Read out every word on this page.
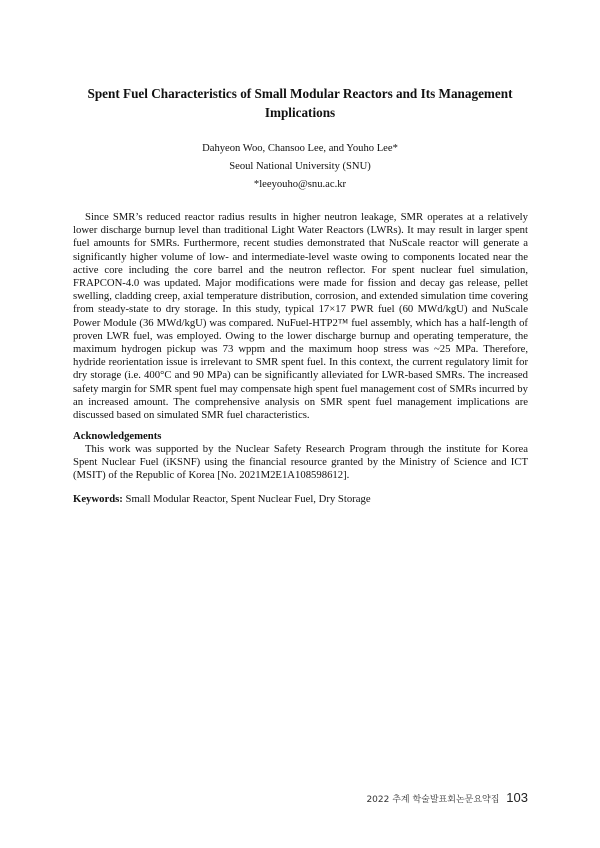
Spent Fuel Characteristics of Small Modular Reactors and Its Management Implications
Dahyeon Woo, Chansoo Lee, and Youho Lee*
Seoul National University (SNU)
*leeyouho@snu.ac.kr

Since SMR’s reduced reactor radius results in higher neutron leakage, SMR operates at a relatively lower discharge burnup level than traditional Light Water Reactors (LWRs). It may result in larger spent fuel amounts for SMRs. Furthermore, recent studies demonstrated that NuScale reactor will generate a significantly higher volume of low- and intermediate-level waste owing to components located near the active core including the core barrel and the neutron reflector. For spent nuclear fuel simulation, FRAPCON-4.0 was updated. Major modifications were made for fission and decay gas release, pellet swelling, cladding creep, axial temperature distribution, corrosion, and extended simulation time covering from steady-state to dry storage. In this study, typical 17×17 PWR fuel (60 MWd/kgU) and NuScale Power Module (36 MWd/kgU) was compared. NuFuel-HTP2™ fuel assembly, which has a half-length of proven LWR fuel, was employed. Owing to the lower discharge burnup and operating temperature, the maximum hydrogen pickup was 73 wppm and the maximum hoop stress was ~25 MPa. Therefore, hydride reorientation issue is irrelevant to SMR spent fuel. In this context, the current regulatory limit for dry storage (i.e. 400°C and 90 MPa) can be significantly alleviated for LWR-based SMRs. The increased safety margin for SMR spent fuel may compensate high spent fuel management cost of SMRs incurred by an increased amount. The comprehensive analysis on SMR spent fuel management implications are discussed based on simulated SMR fuel characteristics.

Acknowledgements

This work was supported by the Nuclear Safety Research Program through the institute for Korea Spent Nuclear Fuel (iKSNF) using the financial resource granted by the Ministry of Science and ICT (MSIT) of the Republic of Korea [No. 2021M2E1A108598612].

Keywords: Small Modular Reactor, Spent Nuclear Fuel, Dry Storage
2022 추계 학술발표회논문요약집 103
